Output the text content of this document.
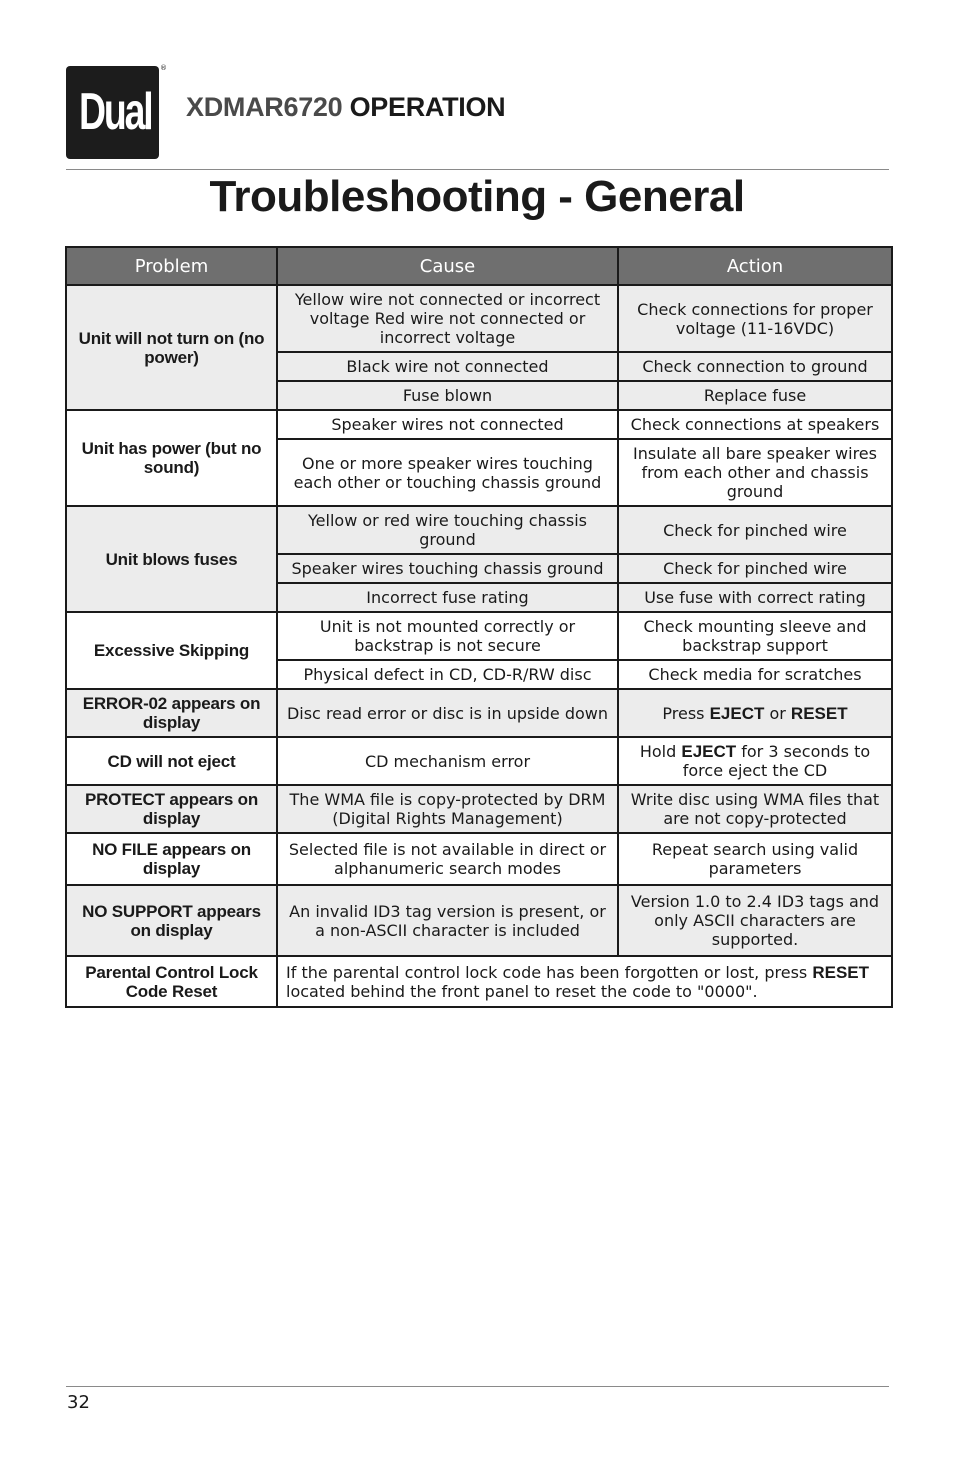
Dual
®
XDMAR6720 OPERATION
Troubleshooting - General
Problem	Cause	Action
Unit will not turn on (no power)	Yellow wire not connected or incorrect voltage Red wire not connected or incorrect voltage	Check connections for proper voltage (11-16VDC)
	Black wire not connected	Check connection to ground
	Fuse blown	Replace fuse
Unit has power (but no sound)	Speaker wires not connected	Check connections at speakers
	One or more speaker wires touching each other or touching chassis ground	Insulate all bare speaker wires from each other and chassis ground
Unit blows fuses	Yellow or red wire touching chassis ground	Check for pinched wire
	Speaker wires touching chassis ground	Check for pinched wire
	Incorrect fuse rating	Use fuse with correct rating
Excessive Skipping	Unit is not mounted correctly or backstrap is not secure	Check mounting sleeve and backstrap support
	Physical defect in CD, CD-R/RW disc	Check media for scratches
ERROR-02 appears on display	Disc read error or disc is in upside down	Press EJECT or RESET
CD will not eject	CD mechanism error	Hold EJECT for 3 seconds to force eject the CD
PROTECT appears on display	The WMA file is copy-protected by DRM (Digital Rights Management)	Write disc using WMA files that are not copy-protected
NO FILE appears on display	Selected file is not available in direct or alphanumeric search modes	Repeat search using valid parameters
NO SUPPORT appears on display	An invalid ID3 tag version is present, or a non-ASCII character is included	Version 1.0 to 2.4 ID3 tags and only ASCII characters are supported.
Parental Control Lock Code Reset	If the parental control lock code has been forgotten or lost, press RESET located behind the front panel to reset the code to "0000".	
32
